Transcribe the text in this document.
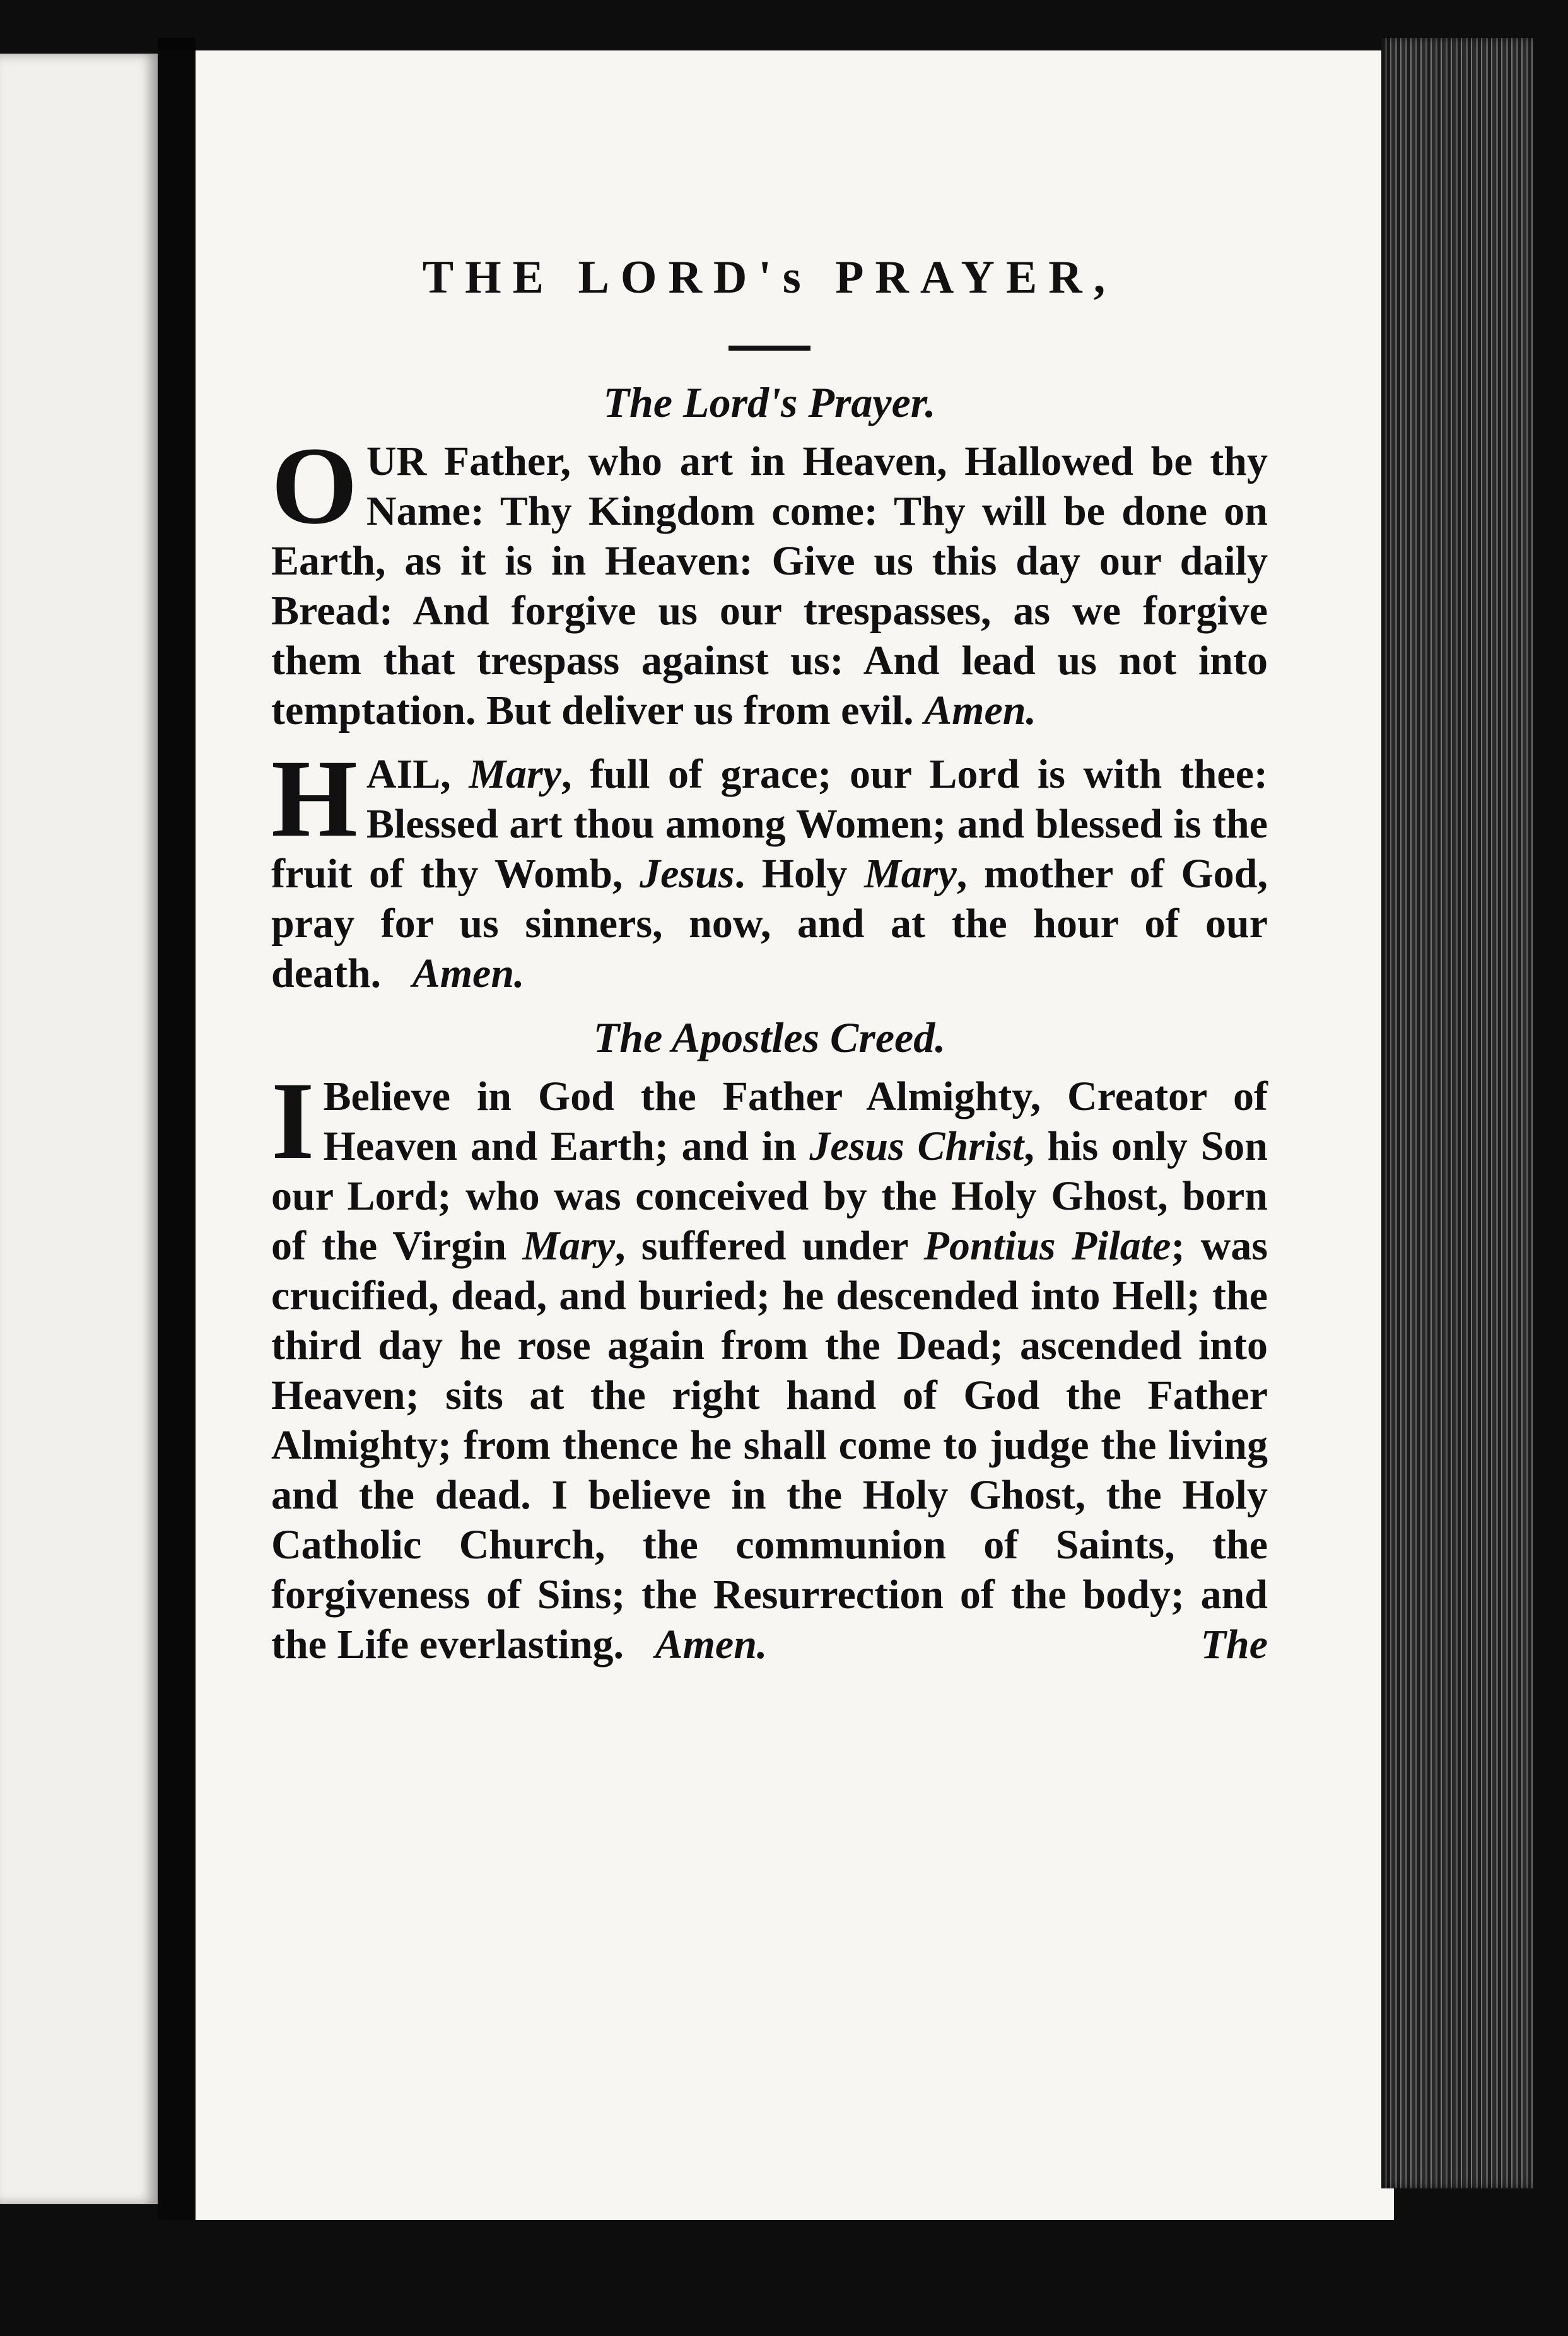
THE LORD's PRAYER,
The Lord's Prayer.

OUR Father, who art in Heaven, Hallowed be thy Name: Thy Kingdom come: Thy will be done on Earth, as it is in Heaven: Give us this day our daily Bread: And forgive us our trespasses, as we forgive them that trespass against us: And lead us not into temptation. But deliver us from evil. Amen.

HAIL, Mary, full of grace; our Lord is with thee: Blessed art thou among Women; and blessed is the fruit of thy Womb, Jesus. Holy Mary, mother of God, pray for us sinners, now, and at the hour of our death. Amen.

The Apostles Creed.

I Believe in God the Father Almighty, Creator of Heaven and Earth; and in Jesus Christ, his only Son our Lord; who was conceived by the Holy Ghost, born of the Virgin Mary, suffered under Pontius Pilate; was crucified, dead, and buried; he descended into Hell; the third day he rose again from the Dead; ascended into Heaven; sits at the right hand of God the Father Almighty; from thence he shall come to judge the living and the dead. I believe in the Holy Ghost, the Holy Catholic Church, the communion of Saints, the forgiveness of Sins; the Resurrection of the body; and the Life everlasting. Amen.	The
